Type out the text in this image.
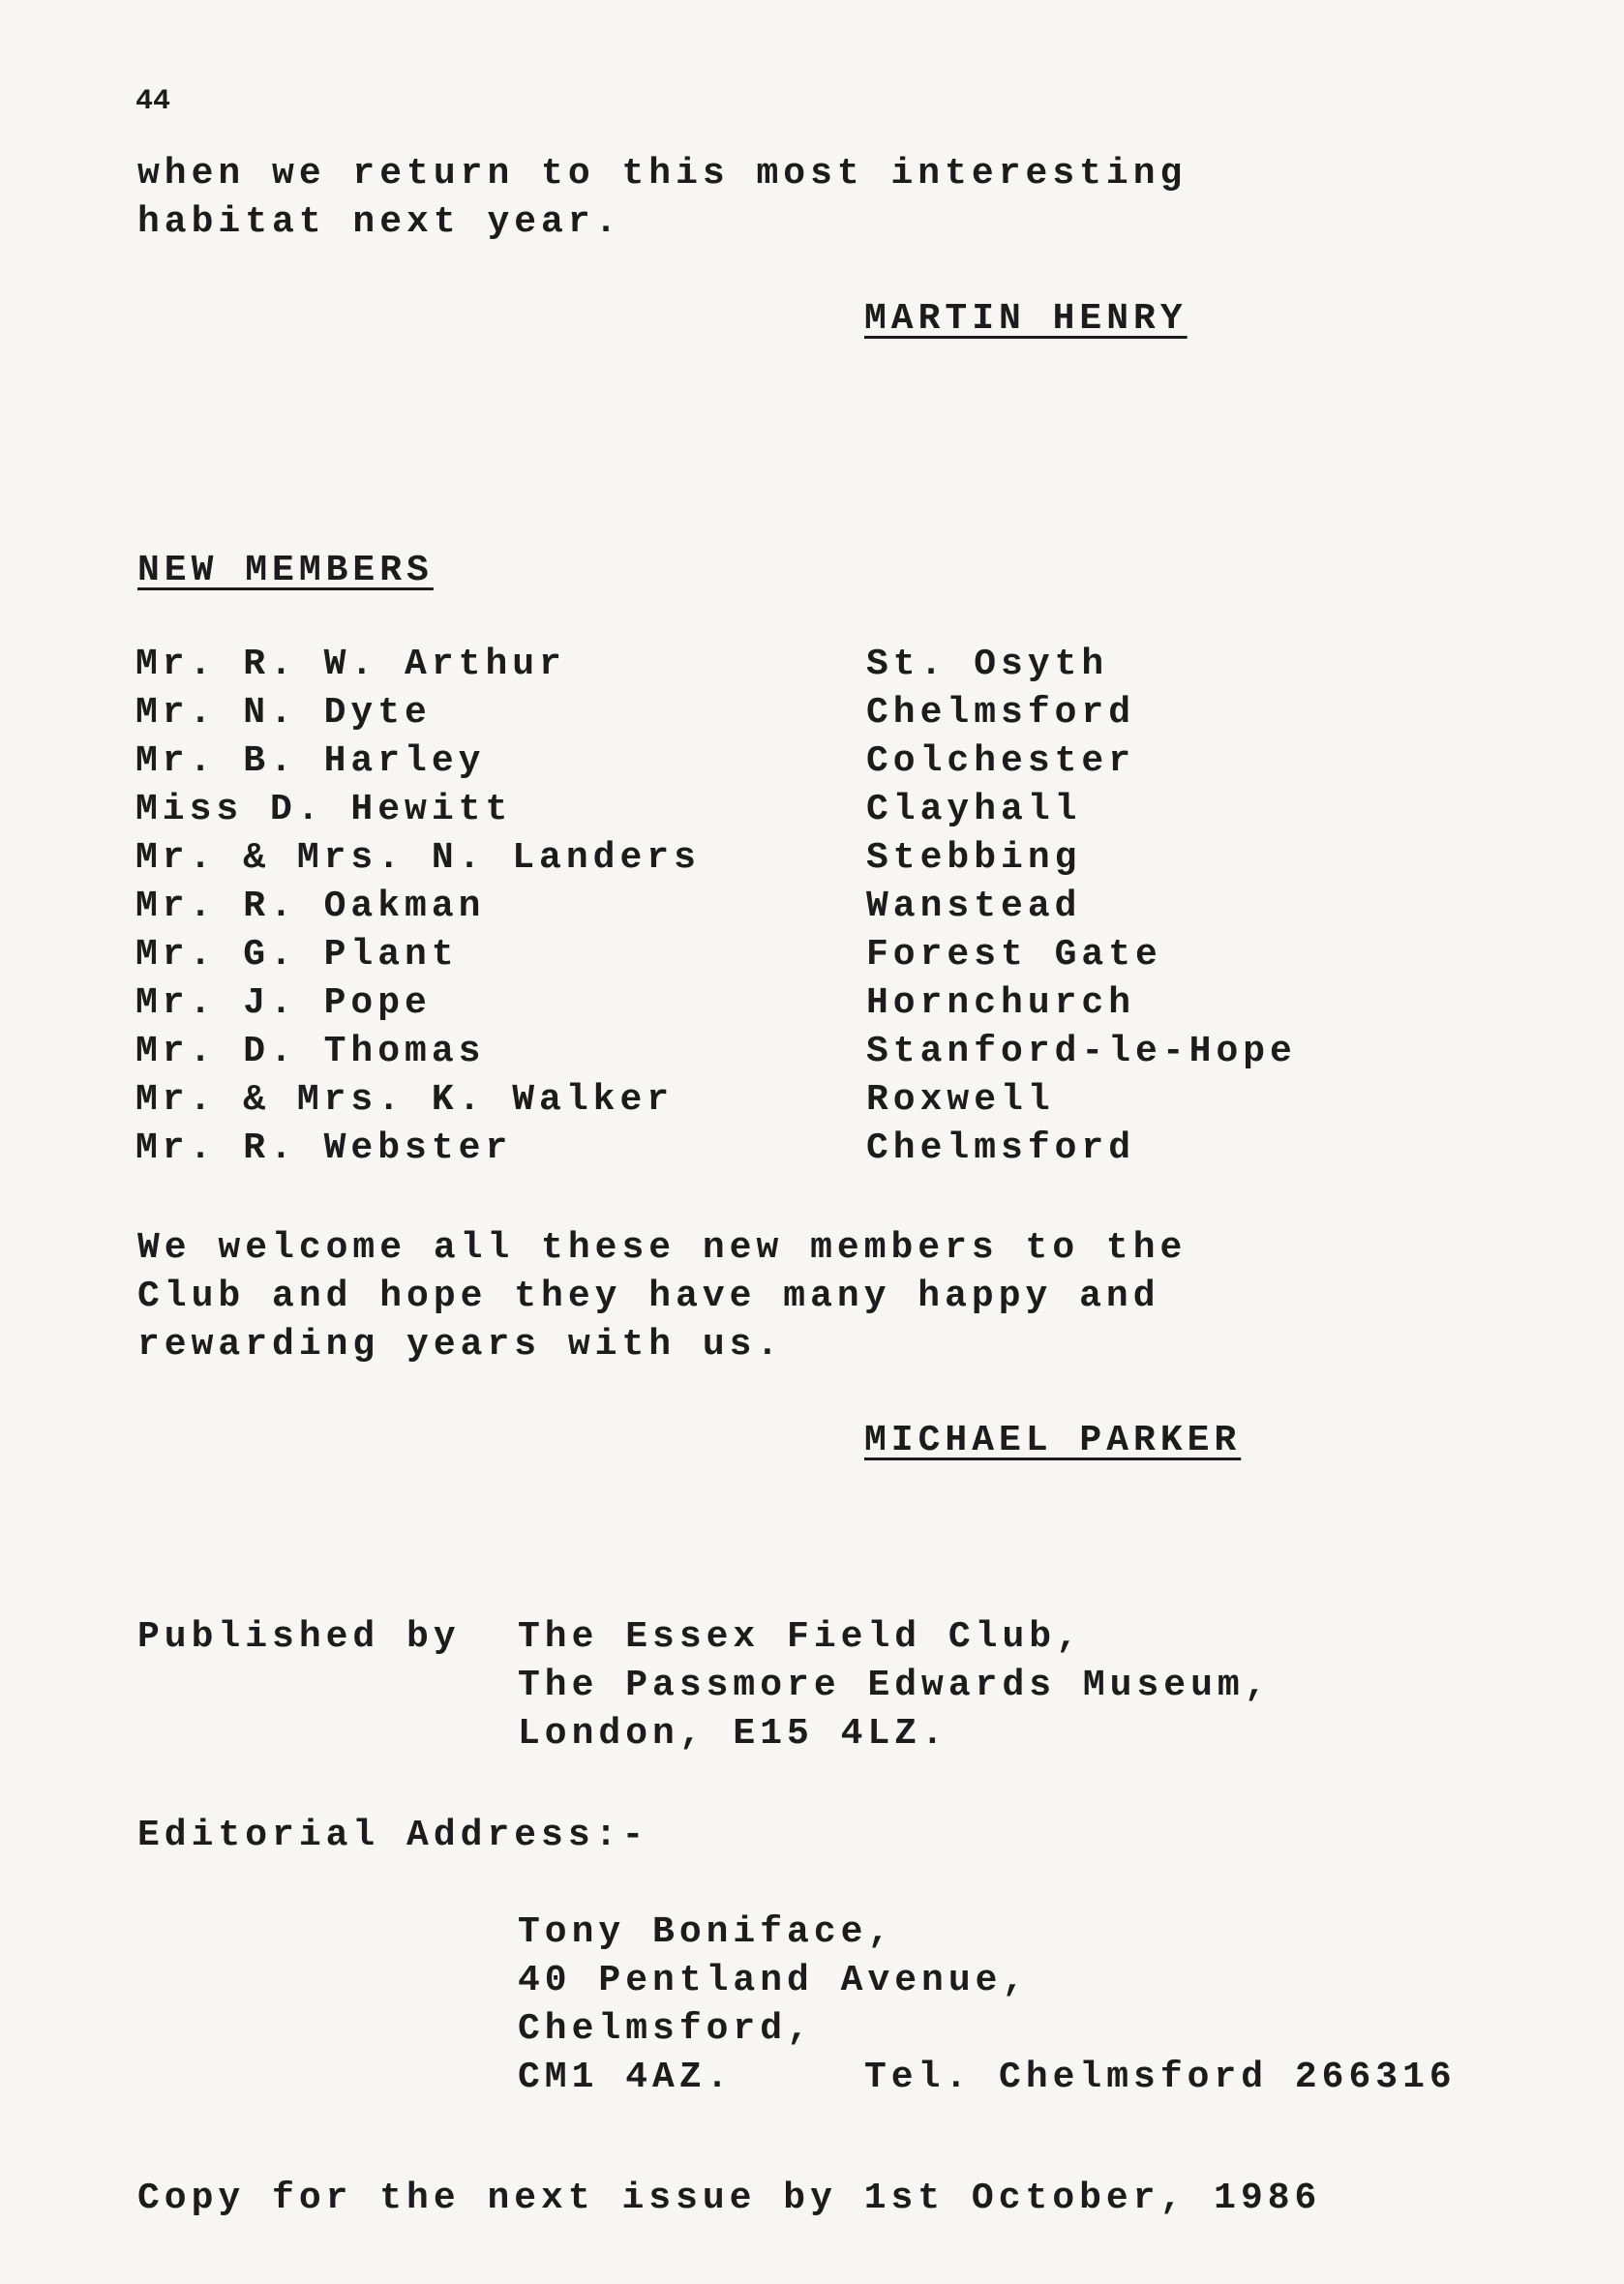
44
when we return to this most interesting
habitat next year.
MARTIN HENRY
NEW MEMBERS
Mr. R. W. Arthur	St. Osyth
Mr. N. Dyte	Chelmsford
Mr. B. Harley	Colchester
Miss D. Hewitt	Clayhall
Mr. & Mrs. N. Landers	Stebbing
Mr. R. Oakman	Wanstead
Mr. G. Plant	Forest Gate
Mr. J. Pope	Hornchurch
Mr. D. Thomas	Stanford-le-Hope
Mr. & Mrs. K. Walker	Roxwell
Mr. R. Webster	Chelmsford
We welcome all these new members to the
Club and hope they have many happy and
rewarding years with us.
MICHAEL PARKER
Published by The Essex Field Club,
The Passmore Edwards Museum,
London, E15 4LZ.
Editorial Address:-
Tony Boniface,
40 Pentland Avenue,
Chelmsford,
CM1 4AZ.	Tel. Chelmsford 266316
Copy for the next issue by 1st October, 1986
